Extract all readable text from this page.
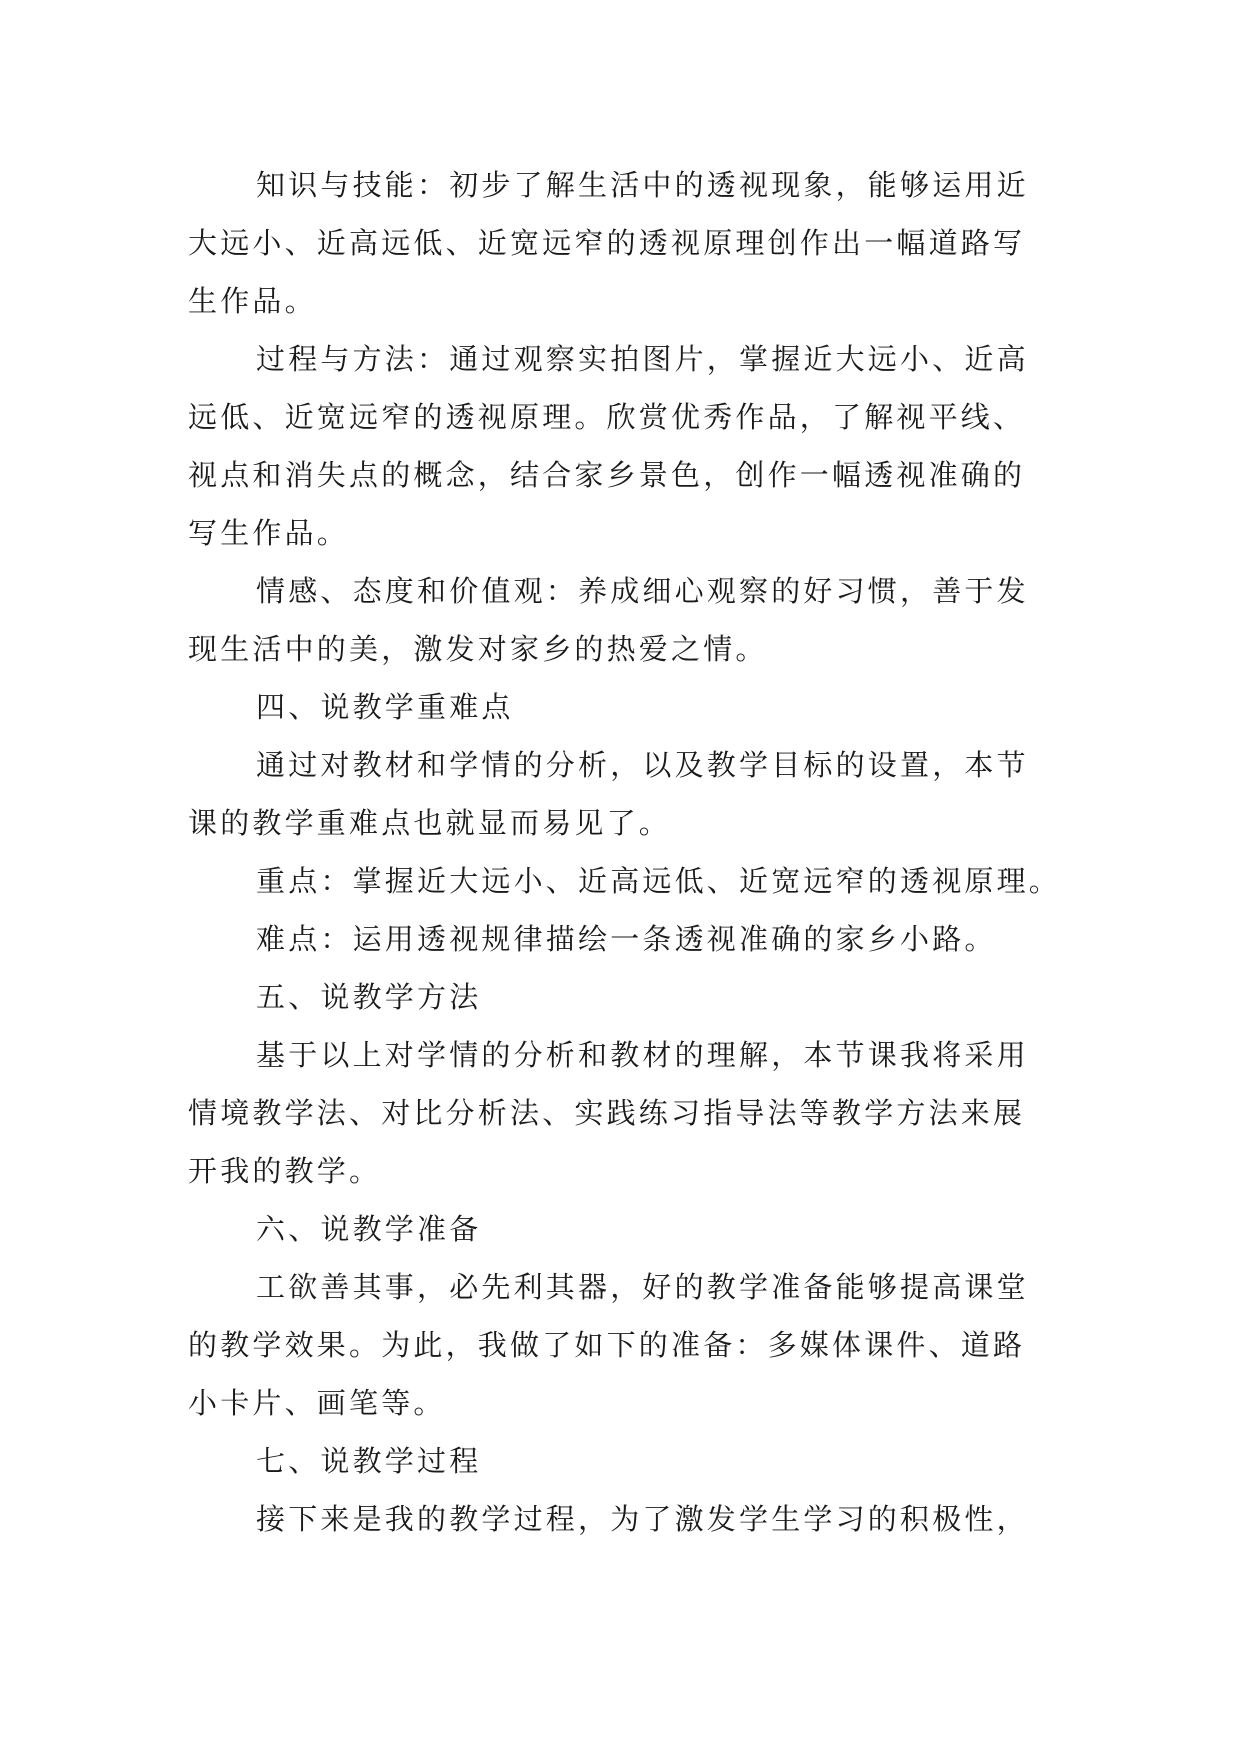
知识与技能：初步了解生活中的透视现象，能够运用近
大远小、近高远低、近宽远窄的透视原理创作出一幅道路写
生作品。
过程与方法：通过观察实拍图片，掌握近大远小、近高
远低、近宽远窄的透视原理。欣赏优秀作品，了解视平线、
视点和消失点的概念，结合家乡景色，创作一幅透视准确的
写生作品。
情感、态度和价值观：养成细心观察的好习惯，善于发
现生活中的美，激发对家乡的热爱之情。
四、说教学重难点
通过对教材和学情的分析，以及教学目标的设置，本节
课的教学重难点也就显而易见了。
重点：掌握近大远小、近高远低、近宽远窄的透视原理。
难点：运用透视规律描绘一条透视准确的家乡小路。
五、说教学方法
基于以上对学情的分析和教材的理解，本节课我将采用
情境教学法、对比分析法、实践练习指导法等教学方法来展
开我的教学。
六、说教学准备
工欲善其事，必先利其器，好的教学准备能够提高课堂
的教学效果。为此，我做了如下的准备：多媒体课件、道路
小卡片、画笔等。
七、说教学过程
接下来是我的教学过程，为了激发学生学习的积极性，
